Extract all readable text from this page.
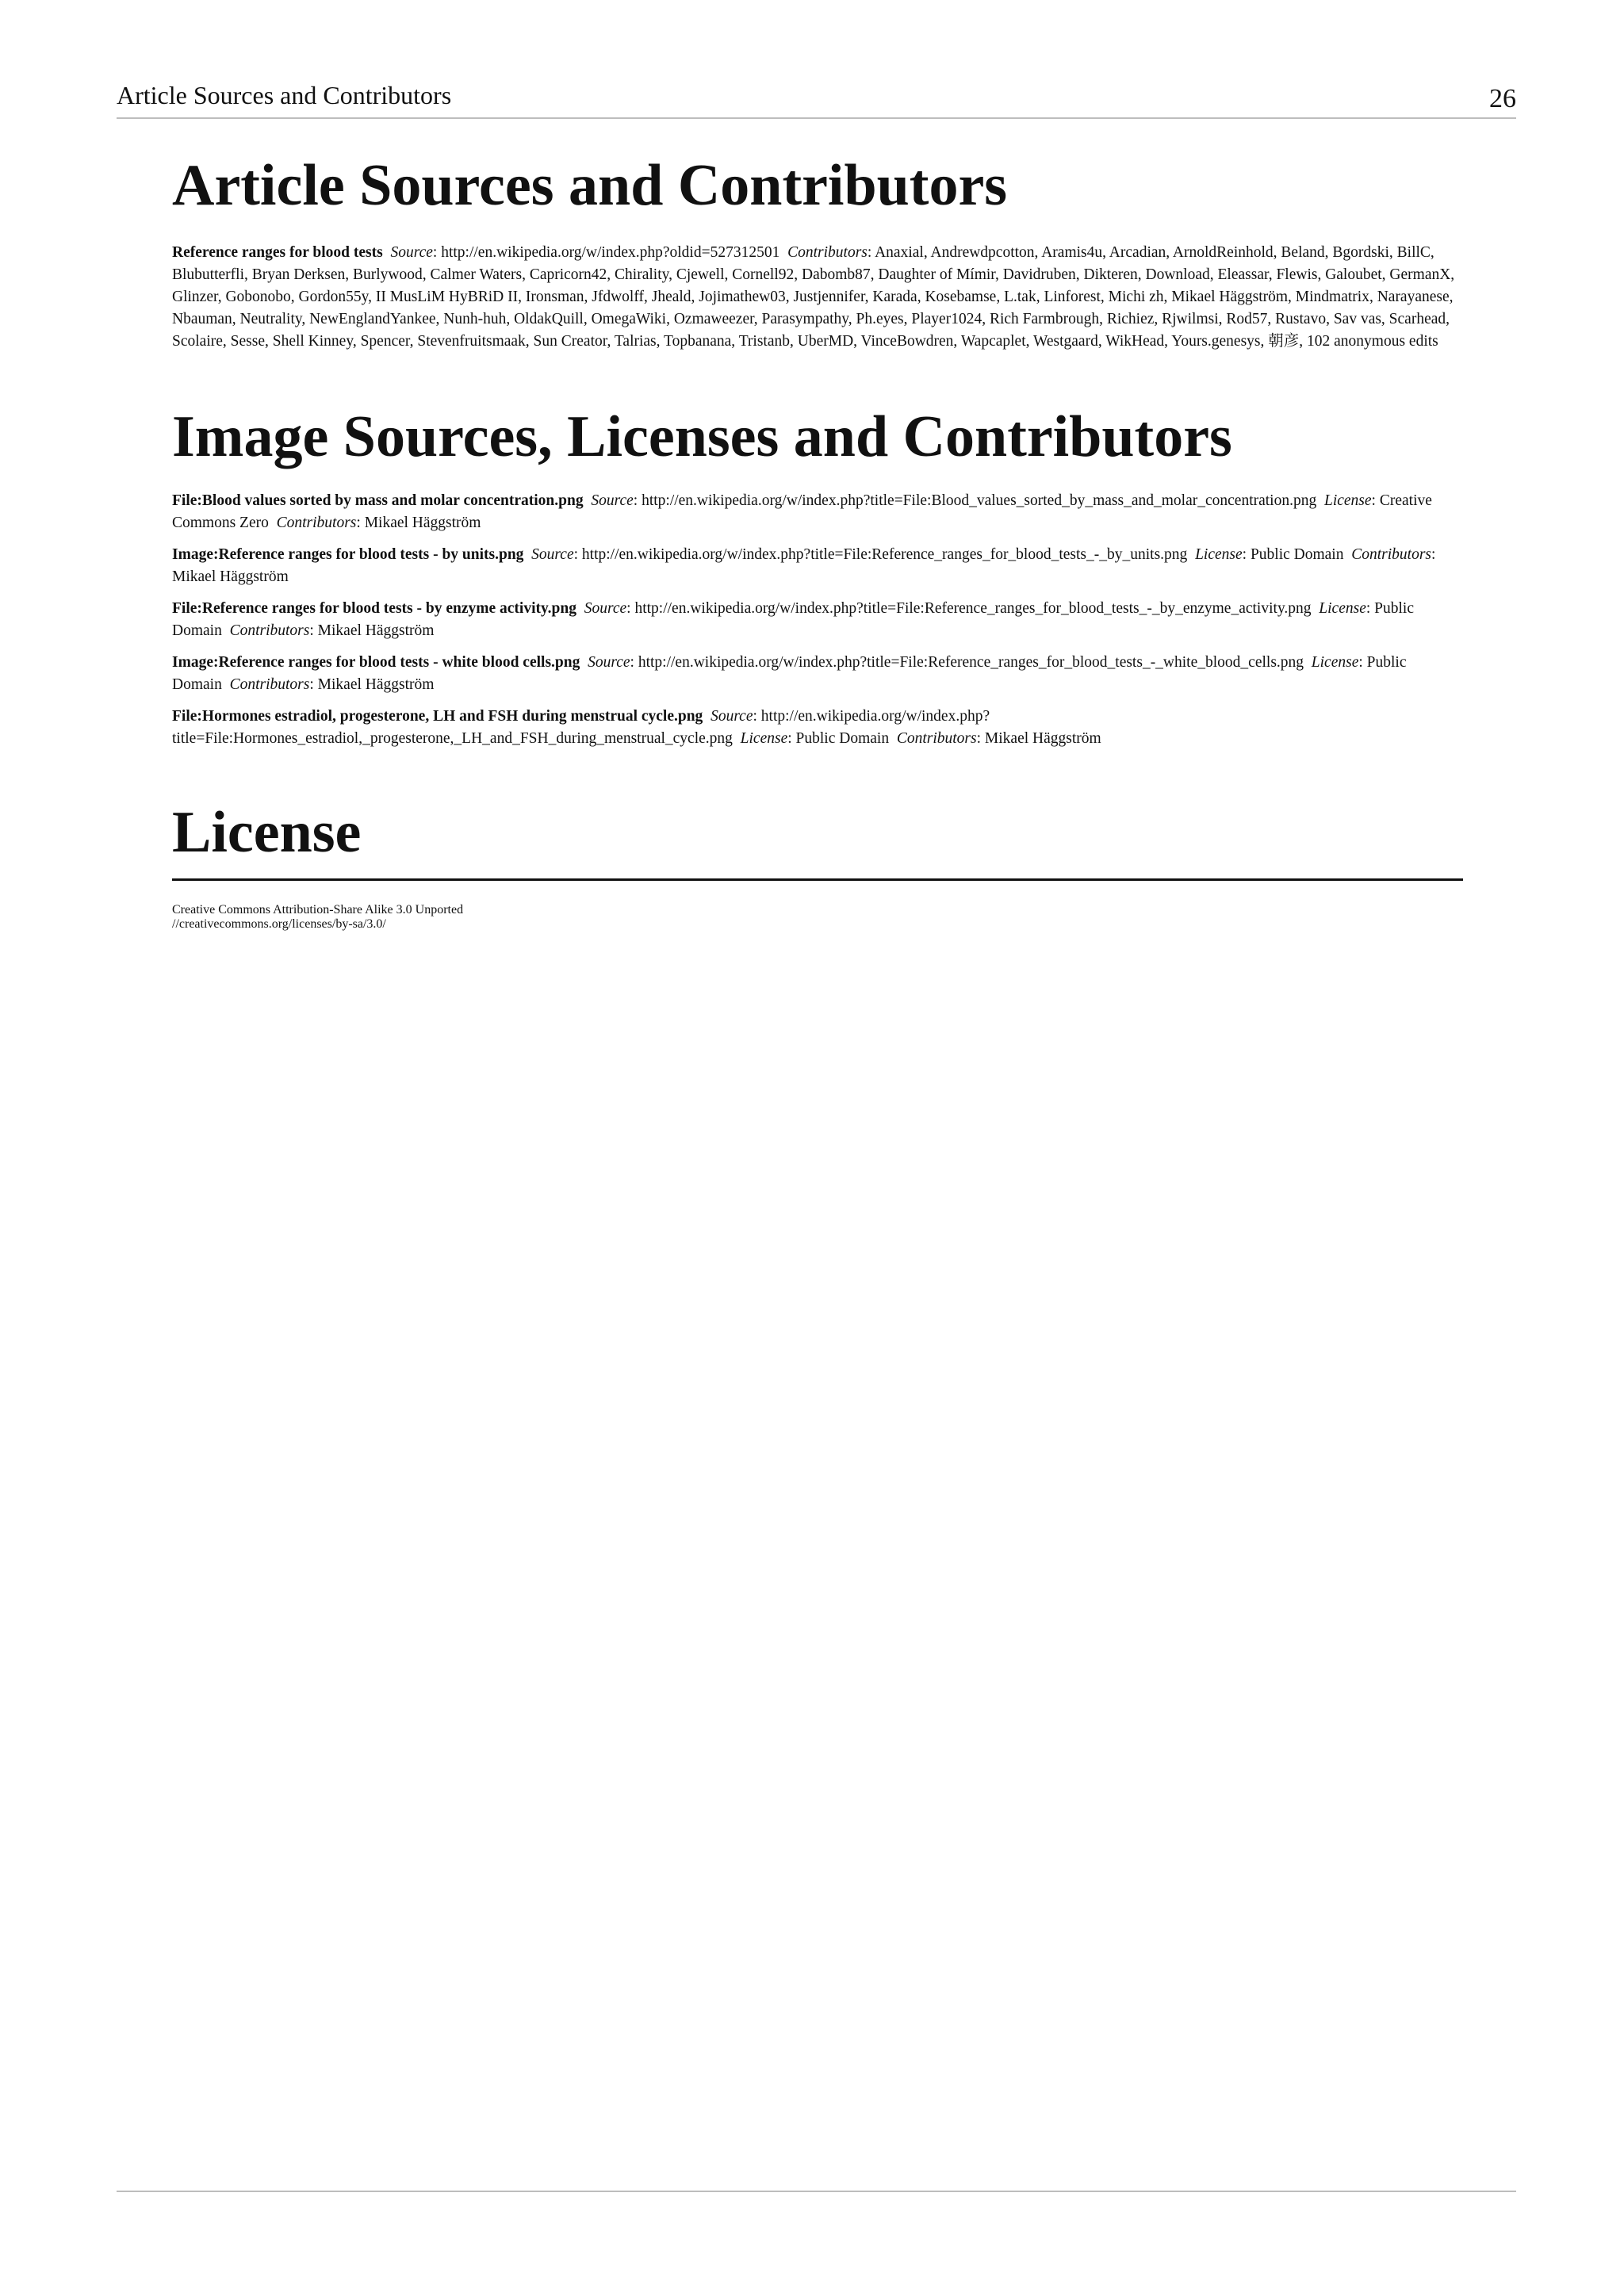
Article Sources and Contributors	26
Article Sources and Contributors

Reference ranges for blood tests Source: http://en.wikipedia.org/w/index.php?oldid=527312501 Contributors: Anaxial, Andrewdpcotton, Aramis4u, Arcadian, ArnoldReinhold, Beland, Bgordski, BillC, Blubutterfli, Bryan Derksen, Burlywood, Calmer Waters, Capricorn42, Chirality, Cjewell, Cornell92, Dabomb87, Daughter of Mímir, Davidruben, Dikteren, Download, Eleassar, Flewis, Galoubet, GermanX, Glinzer, Gobonobo, Gordon55y, II MusLiM HyBRiD II, Ironsman, Jfdwolff, Jheald, Jojimathew03, Justjennifer, Karada, Kosebamse, L.tak, Linforest, Michi zh, Mikael Häggström, Mindmatrix, Narayanese, Nbauman, Neutrality, NewEnglandYankee, Nunh-huh, OldakQuill, OmegaWiki, Ozmaweezer, Parasympathy, Ph.eyes, Player1024, Rich Farmbrough, Richiez, Rjwilmsi, Rod57, Rustavo, Sav vas, Scarhead, Scolaire, Sesse, Shell Kinney, Spencer, Stevenfruitsmaak, Sun Creator, Talrias, Topbanana, Tristanb, UberMD, VinceBowdren, Wapcaplet, Westgaard, WikHead, Yours.genesys, 朝彦, 102 anonymous edits

Image Sources, Licenses and Contributors

File:Blood values sorted by mass and molar concentration.png Source: http://en.wikipedia.org/w/index.php?title=File:Blood_values_sorted_by_mass_and_molar_concentration.png License: Creative Commons Zero Contributors: Mikael Häggström

Image:Reference ranges for blood tests - by units.png Source: http://en.wikipedia.org/w/index.php?title=File:Reference_ranges_for_blood_tests_-_by_units.png License: Public Domain Contributors: Mikael Häggström

File:Reference ranges for blood tests - by enzyme activity.png Source: http://en.wikipedia.org/w/index.php?title=File:Reference_ranges_for_blood_tests_-_by_enzyme_activity.png License: Public Domain Contributors: Mikael Häggström

Image:Reference ranges for blood tests - white blood cells.png Source: http://en.wikipedia.org/w/index.php?title=File:Reference_ranges_for_blood_tests_-_white_blood_cells.png License: Public Domain Contributors: Mikael Häggström

File:Hormones estradiol, progesterone, LH and FSH during menstrual cycle.png Source: http://en.wikipedia.org/w/index.php?title=File:Hormones_estradiol,_progesterone,_LH_and_FSH_during_menstrual_cycle.png License: Public Domain Contributors: Mikael Häggström

License
Creative Commons Attribution-Share Alike 3.0 Unported
//creativecommons.org/licenses/by-sa/3.0/
